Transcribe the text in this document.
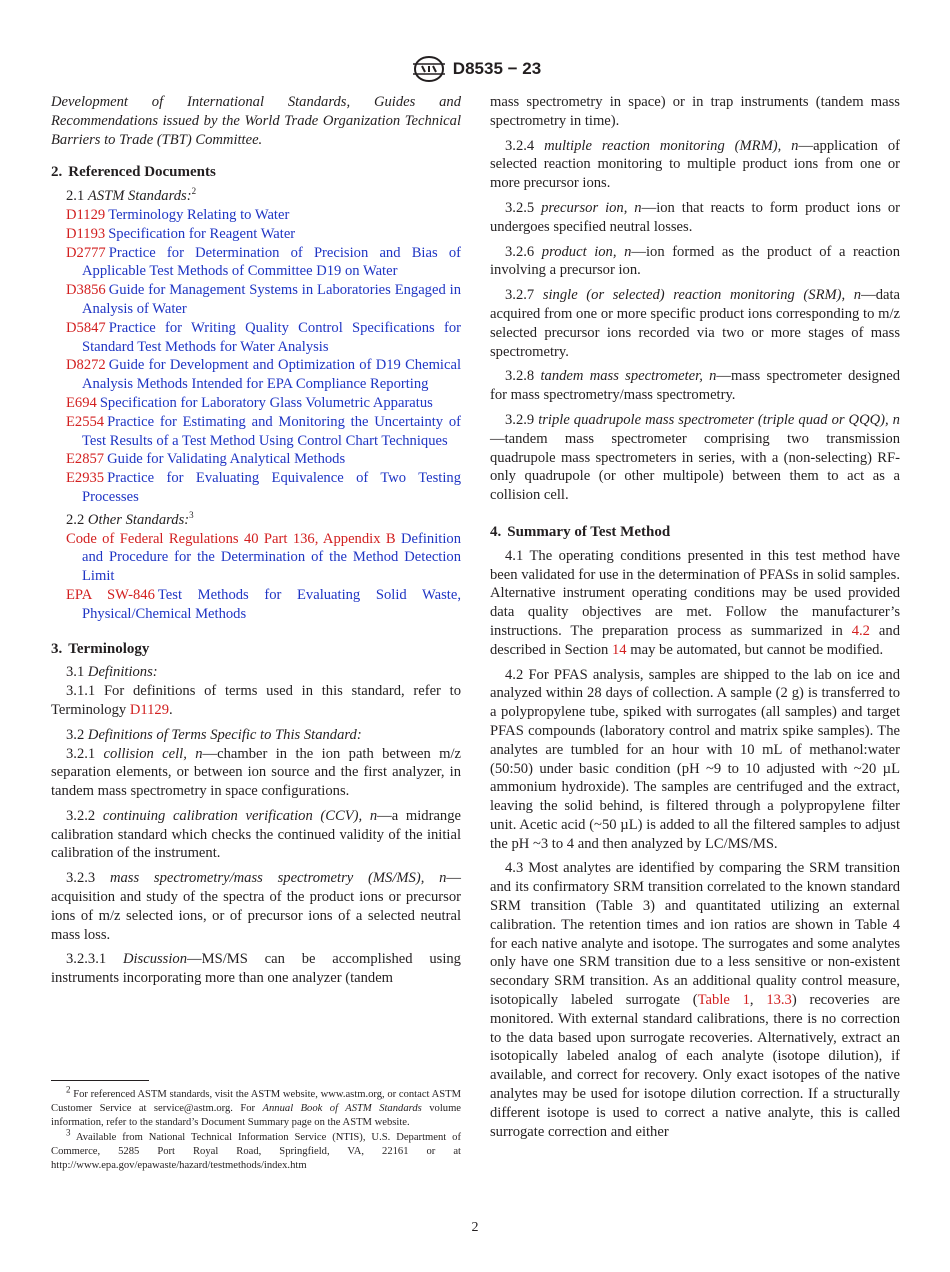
D8535 − 23

Development of International Standards, Guides and Recommendations issued by the World Trade Organization Technical Barriers to Trade (TBT) Committee.

2. Referenced Documents

2.1 ASTM Standards:$^2$

D1129 Terminology Relating to Water

D1193 Specification for Reagent Water

D2777 Practice for Determination of Precision and Bias of Applicable Test Methods of Committee D19 on Water

D3856 Guide for Management Systems in Laboratories Engaged in Analysis of Water

D5847 Practice for Writing Quality Control Specifications for Standard Test Methods for Water Analysis

D8272 Guide for Development and Optimization of D19 Chemical Analysis Methods Intended for EPA Compliance Reporting

E694 Specification for Laboratory Glass Volumetric Apparatus

E2554 Practice for Estimating and Monitoring the Uncertainty of Test Results of a Test Method Using Control Chart Techniques

E2857 Guide for Validating Analytical Methods

E2935 Practice for Evaluating Equivalence of Two Testing Processes

2.2 Other Standards:$^3$

Code of Federal Regulations 40 Part 136, Appendix B Definition and Procedure for the Determination of the Method Detection Limit

EPA SW-846 Test Methods for Evaluating Solid Waste, Physical/Chemical Methods

3. Terminology

3.1 Definitions:

3.1.1 For definitions of terms used in this standard, refer to Terminology D1129.

3.2 Definitions of Terms Specific to This Standard:

3.2.1 collision cell, n—chamber in the ion path between m/z separation elements, or between ion source and the first analyzer, in tandem mass spectrometry in space configurations.

3.2.2 continuing calibration verification (CCV), n—a midrange calibration standard which checks the continued validity of the initial calibration of the instrument.

3.2.3 mass spectrometry/mass spectrometry (MS/MS), n—acquisition and study of the spectra of the product ions or precursor ions of m/z selected ions, or of precursor ions of a selected neutral mass loss.

3.2.3.1 Discussion—MS/MS can be accomplished using instruments incorporating more than one analyzer (tandem

$^2$ For referenced ASTM standards, visit the ASTM website, www.astm.org, or contact ASTM Customer Service at service@astm.org. For Annual Book of ASTM Standards volume information, refer to the standard’s Document Summary page on the ASTM website.

$^3$ Available from National Technical Information Service (NTIS), U.S. Department of Commerce, 5285 Port Royal Road, Springfield, VA, 22161 or at http://www.epa.gov/epawaste/hazard/testmethods/index.htm

mass spectrometry in space) or in trap instruments (tandem mass spectrometry in time).

3.2.4 multiple reaction monitoring (MRM), n—application of selected reaction monitoring to multiple product ions from one or more precursor ions.

3.2.5 precursor ion, n—ion that reacts to form product ions or undergoes specified neutral losses.

3.2.6 product ion, n—ion formed as the product of a reaction involving a precursor ion.

3.2.7 single (or selected) reaction monitoring (SRM), n—data acquired from one or more specific product ions corresponding to m/z selected precursor ions recorded via two or more stages of mass spectrometry.

3.2.8 tandem mass spectrometer, n—mass spectrometer designed for mass spectrometry/mass spectrometry.

3.2.9 triple quadrupole mass spectrometer (triple quad or QQQ), n—tandem mass spectrometer comprising two transmission quadrupole mass spectrometers in series, with a (non-selecting) RF-only quadrupole (or other multipole) between them to act as a collision cell.

4. Summary of Test Method

4.1 The operating conditions presented in this test method have been validated for use in the determination of PFASs in solid samples. Alternative instrument operating conditions may be used provided data quality objectives are met. Follow the manufacturer’s instructions. The preparation process as summarized in 4.2 and described in Section 14 may be automated, but cannot be modified.

4.2 For PFAS analysis, samples are shipped to the lab on ice and analyzed within 28 days of collection. A sample (2 g) is transferred to a polypropylene tube, spiked with surrogates (all samples) and target PFAS compounds (laboratory control and matrix spike samples). The analytes are tumbled for an hour with 10 mL of methanol:water (50:50) under basic condition (pH ~9 to 10 adjusted with ~20 µL ammonium hydroxide). The samples are centrifuged and the extract, leaving the solid behind, is filtered through a polypropylene filter unit. Acetic acid (~50 µL) is added to all the filtered samples to adjust the pH ~3 to 4 and then analyzed by LC/MS/MS.

4.3 Most analytes are identified by comparing the SRM transition and its confirmatory SRM transition correlated to the known standard SRM transition (Table 3) and quantitated utilizing an external calibration. The retention times and ion ratios are shown in Table 4 for each native analyte and isotope. The surrogates and some analytes only have one SRM transition due to a less sensitive or non-existent secondary SRM transition. As an additional quality control measure, isotopically labeled surrogate (Table 1, 13.3) recoveries are monitored. With external standard calibrations, there is no correction to the data based upon surrogate recoveries. Alternatively, extract an isotopically labeled analog of each analyte (isotope dilution), if available, and correct for recovery. Only exact isotopes of the native analytes may be used for isotope dilution correction. If a structurally different isotope is used to correct a native analyte, this is called surrogate correction and either

2
